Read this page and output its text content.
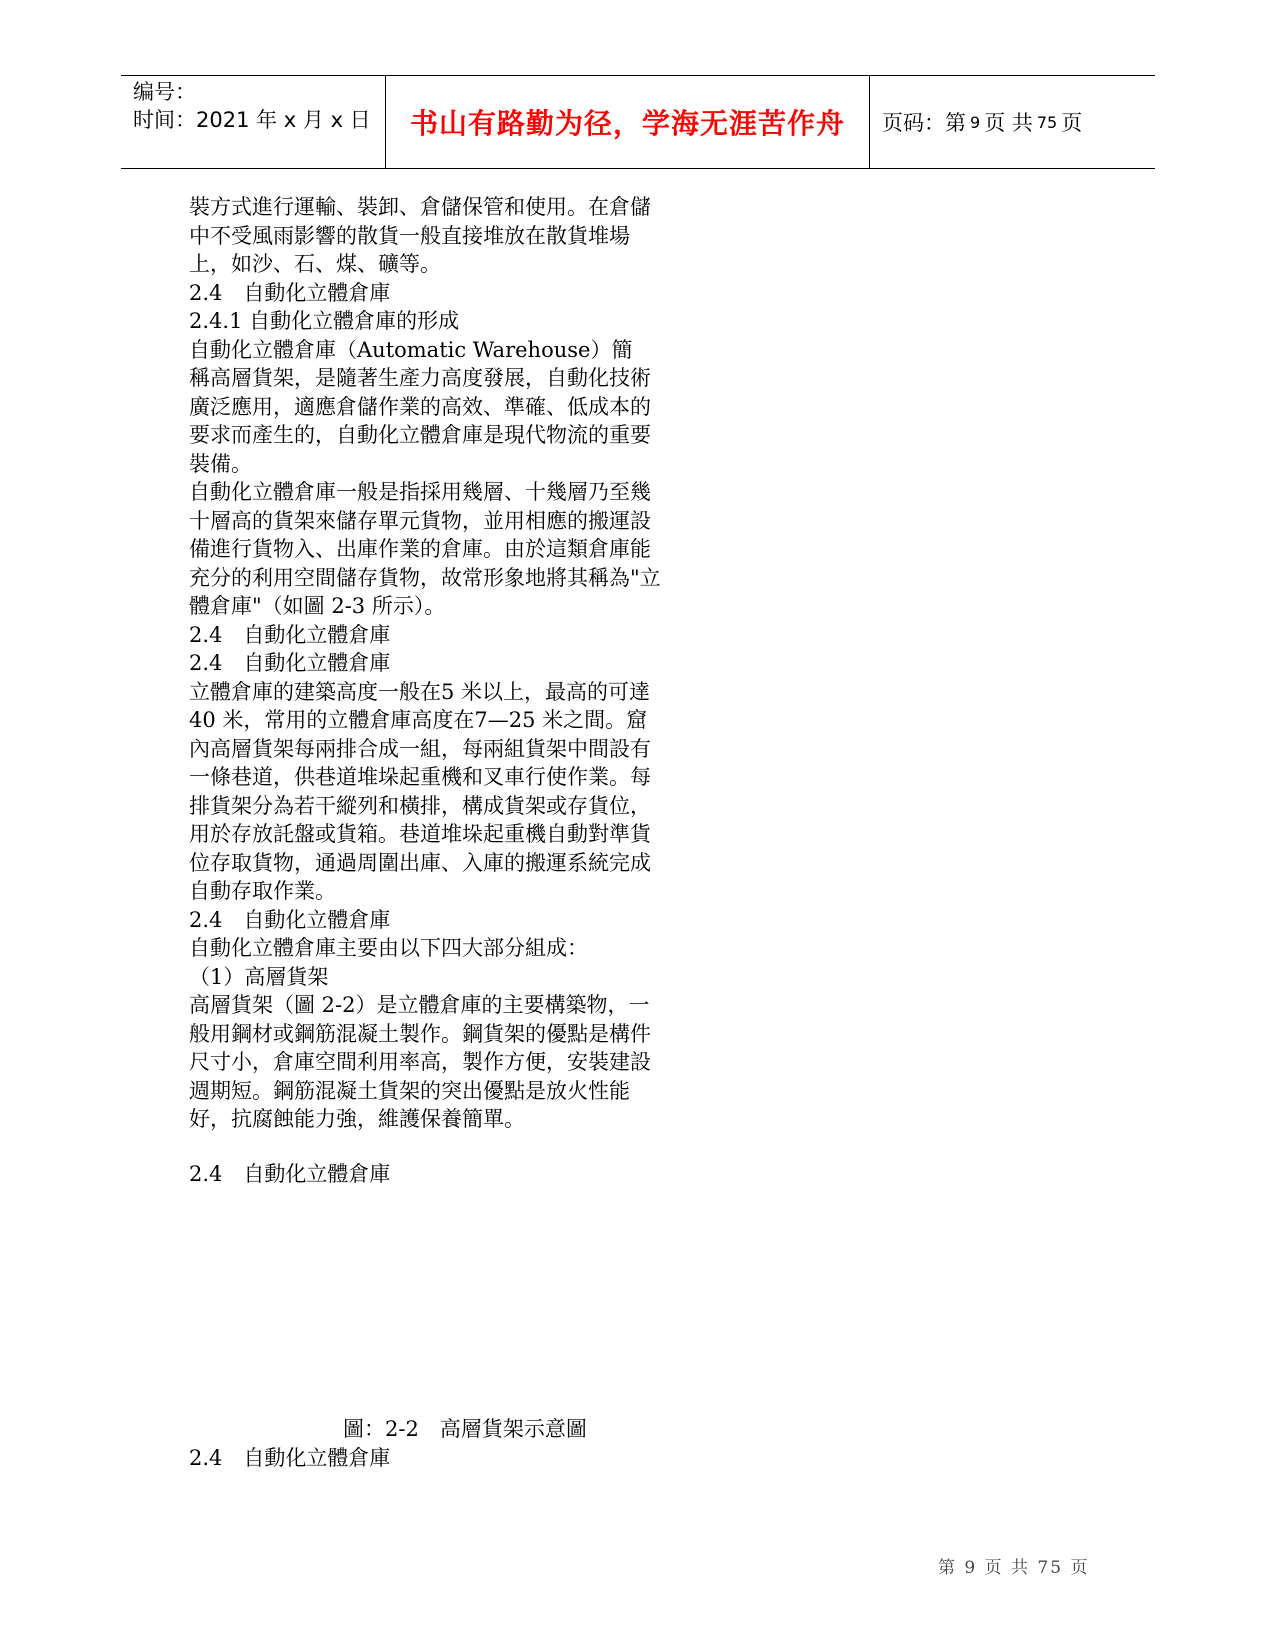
编号：
时间：2021 年 x 月 x 日	书山有路勤为径，学海无涯苦作舟 页码：第 9 页 共 75 页
裝方式進行運輸、裝卸、倉儲保管和使用。在倉儲
中不受風雨影響的散貨一般直接堆放在散貨堆場
上，如沙、石、煤、礦等。
2.4　自動化立體倉庫
2.4.1 自動化立體倉庫的形成
自動化立體倉庫（Automatic Warehouse）簡
稱高層貨架，是隨著生產力高度發展，自動化技術
廣泛應用，適應倉儲作業的高效、準確、低成本的
要求而產生的，自動化立體倉庫是現代物流的重要
裝備。
自動化立體倉庫一般是指採用幾層、十幾層乃至幾
十層高的貨架來儲存單元貨物，並用相應的搬運設
備進行貨物入、出庫作業的倉庫。由於這類倉庫能
充分的利用空間儲存貨物，故常形象地將其稱為"立
體倉庫"（如圖 2-3 所示）。
2.4　自動化立體倉庫
2.4　自動化立體倉庫
立體倉庫的建築高度一般在5 米以上，最高的可達
40 米，常用的立體倉庫高度在7—25 米之間。窟
內高層貨架每兩排合成一組，每兩組貨架中間設有
一條巷道，供巷道堆垛起重機和叉車行使作業。每
排貨架分為若干縱列和橫排，構成貨架或存貨位，
用於存放託盤或貨箱。巷道堆垛起重機自動對準貨
位存取貨物，通過周圍出庫、入庫的搬運系統完成
自動存取作業。
2.4　自動化立體倉庫
自動化立體倉庫主要由以下四大部分組成：
（1）高層貨架
高層貨架（圖 2-2）是立體倉庫的主要構築物，一
般用鋼材或鋼筋混凝土製作。鋼貨架的優點是構件
尺寸小，倉庫空間利用率高，製作方便，安裝建設
週期短。鋼筋混凝土貨架的突出優點是放火性能
好，抗腐蝕能力強，維護保養簡單。
2.4　自動化立體倉庫
圖：2-2　高層貨架示意圖
2.4　自動化立體倉庫
第 9 页 共 75 页
